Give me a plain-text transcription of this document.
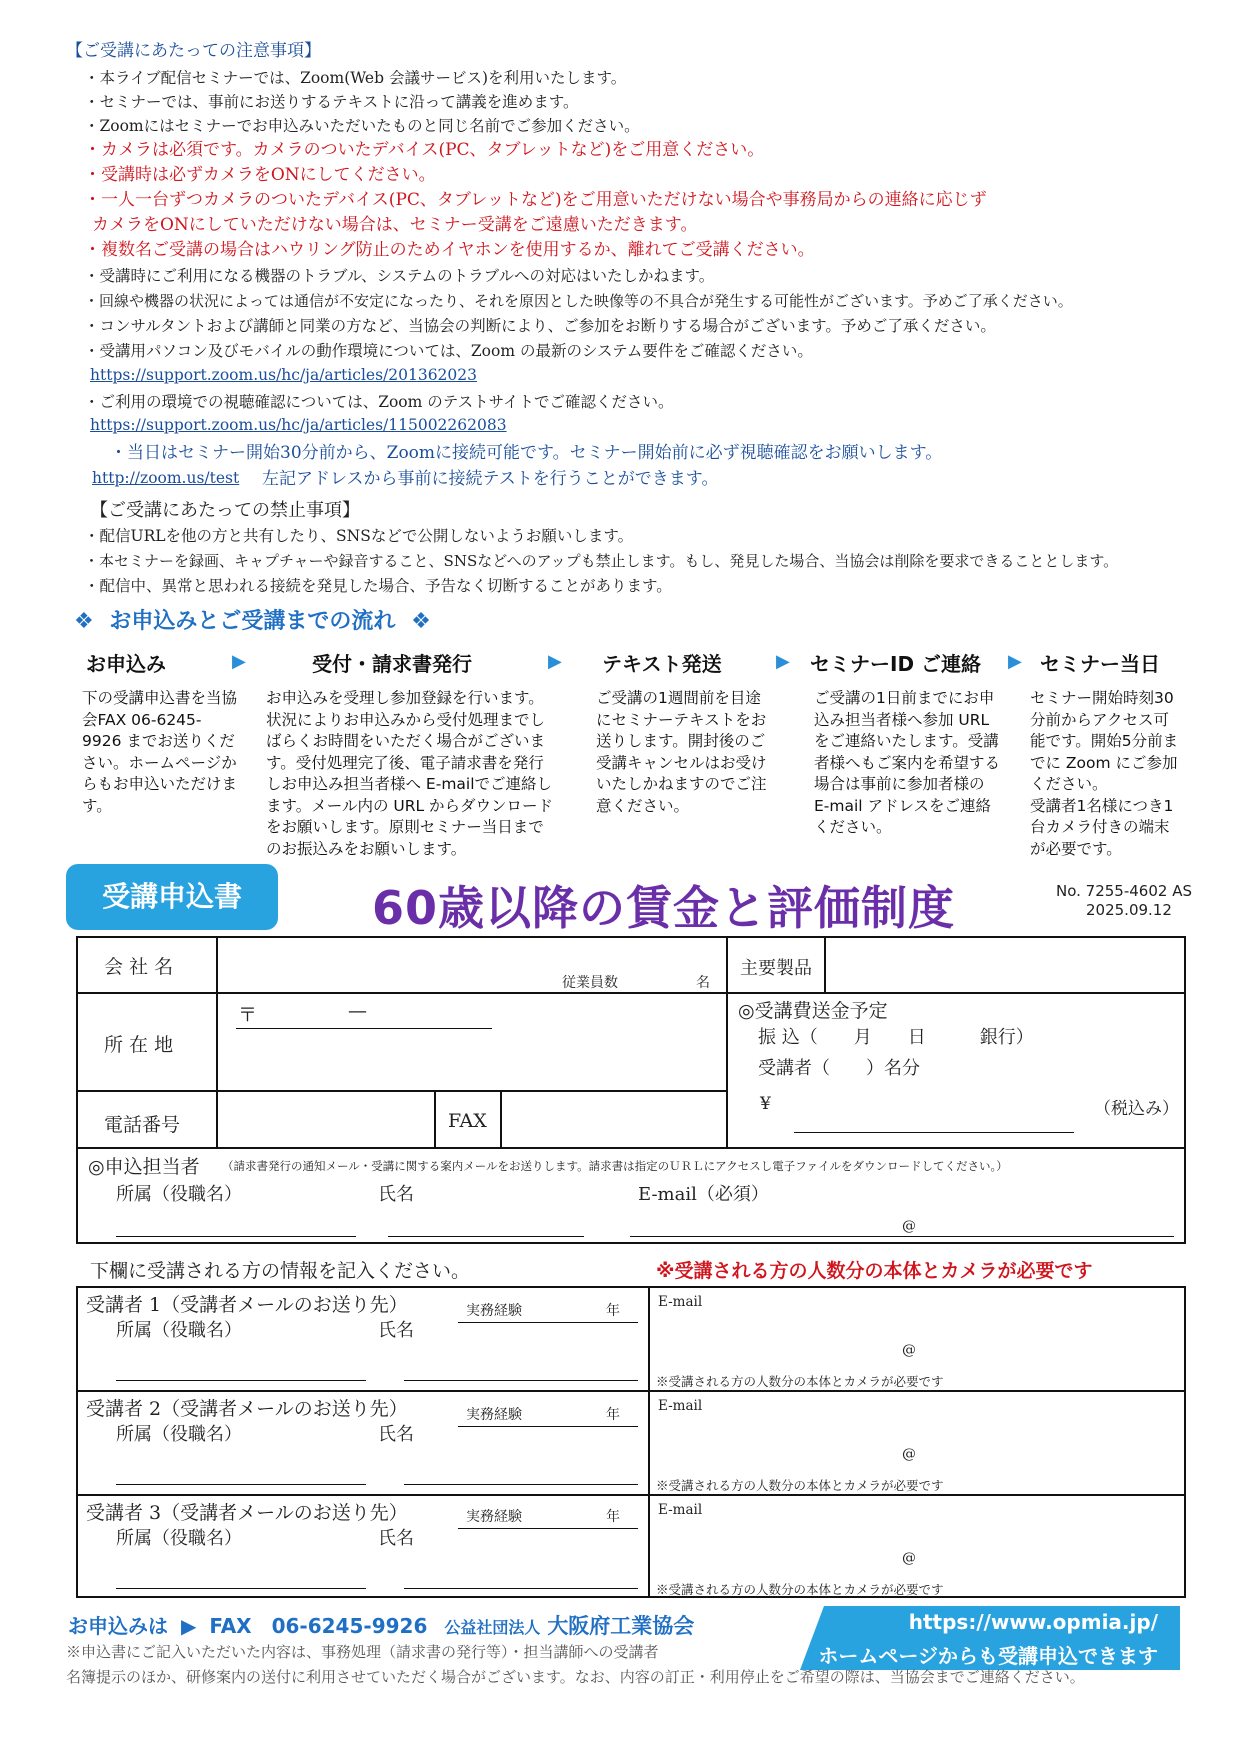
【ご受講にあたっての注意事項】
・本ライブ配信セミナーでは、Zoom(Web 会議サービス)を利用いたします。
・セミナーでは、事前にお送りするテキストに沿って講義を進めます。
・Zoomにはセミナーでお申込みいただいたものと同じ名前でご参加ください。
・カメラは必須です。カメラのついたデバイス(PC、タブレットなど)をご用意ください。
・受講時は必ずカメラをONにしてください。
・一人一台ずつカメラのついたデバイス(PC、タブレットなど)をご用意いただけない場合や事務局からの連絡に応じず
カメラをONにしていただけない場合は、セミナー受講をご遠慮いただきます。
・複数名ご受講の場合はハウリング防止のためイヤホンを使用するか、離れてご受講ください。
・受講時にご利用になる機器のトラブル、システムのトラブルへの対応はいたしかねます。
・回線や機器の状況によっては通信が不安定になったり、それを原因とした映像等の不具合が発生する可能性がございます。予めご了承ください。
・コンサルタントおよび講師と同業の方など、当協会の判断により、ご参加をお断りする場合がございます。予めご了承ください。
・受講用パソコン及びモバイルの動作環境については、Zoom の最新のシステム要件をご確認ください。
https://support.zoom.us/hc/ja/articles/201362023
・ご利用の環境での視聴確認については、Zoom のテストサイトでご確認ください。
https://support.zoom.us/hc/ja/articles/115002262083
・当日はセミナー開始30分前から、Zoomに接続可能です。セミナー開始前に必ず視聴確認をお願いします。
http://zoom.us/test 左記アドレスから事前に接続テストを行うことができます。
【ご受講にあたっての禁止事項】
・配信URLを他の方と共有したり、SNSなどで公開しないようお願いします。
・本セミナーを録画、キャプチャーや録音すること、SNSなどへのアップも禁止します。もし、発見した場合、当協会は削除を要求できることとします。
・配信中、異常と思われる接続を発見した場合、予告なく切断することがあります。
❖ お申込みとご受講までの流れ ❖
お申込み	▶	受付・請求書発行	▶ テキスト発送	▶ セミナーID ご連絡 ▶ セミナー当日
下の受講申込書を当協会FAX 06-6245-9926 までお送りください。ホームページからもお申込いただけます。
お申込みを受理し参加登録を行います。状況によりお申込みから受付処理までしばらくお時間をいただく場合がございます。受付処理完了後、電子請求書を発行しお申込み担当者様へ E-mailでご連絡します。メール内の URL からダウンロードをお願いします。原則セミナー当日までのお振込みをお願いします。
ご受講の1週間前を目途にセミナーテキストをお送りします。開封後のご受講キャンセルはお受けいたしかねますのでご注意ください。
ご受講の1日前までにお申込み担当者様へ参加 URL をご連絡いたします。受講者様へもご案内を希望する場合は事前に参加者様の E-mail アドレスをご連絡ください。
セミナー開始時刻30分前からアクセス可能です。開始5分前までに Zoom にご参加ください。
受講者1名様につき1台カメラ付きの端末が必要です。
受講申込書	60歳以降の賃金と評価制度	No. 7255-4602 AS
2025.09.12
会 社 名
従業員数	名
主要製品
所 在 地
〒	—
電話番号	FAX
◎受講費送金予定
振 込（　　月　　日　　　銀行）
受講者（　　）名分
¥	（税込み）
◎申込担当者 （請求書発行の通知メール・受講に関する案内メールをお送りします。請求書は指定のＵＲＬにアクセスし電子ファイルをダウンロードしてください。）
所属（役職名）	氏名	E-mail（必須）
@
下欄に受講される方の情報を記入ください。	※受講される方の人数分の本体とカメラが必要です
受講者 1（受講者メールのお送り先）	実務経験	年
所属（役職名）	氏名
E-mail
@
※受講される方の人数分の本体とカメラが必要です
受講者 2（受講者メールのお送り先）	実務経験	年
所属（役職名）	氏名
E-mail
@
※受講される方の人数分の本体とカメラが必要です
受講者 3（受講者メールのお送り先）	実務経験	年
所属（役職名）	氏名
E-mail
@
※受講される方の人数分の本体とカメラが必要です
お申込みは ▶ FAX　06-6245-9926 公益社団法人 大阪府工業協会	https://www.opmia.jp/
ホームページからも受講申込できます
※申込書にご記入いただいた内容は、事務処理（請求書の発行等）・担当講師への受講者
名簿提示のほか、研修案内の送付に利用させていただく場合がございます。なお、内容の訂正・利用停止をご希望の際は、当協会までご連絡ください。
